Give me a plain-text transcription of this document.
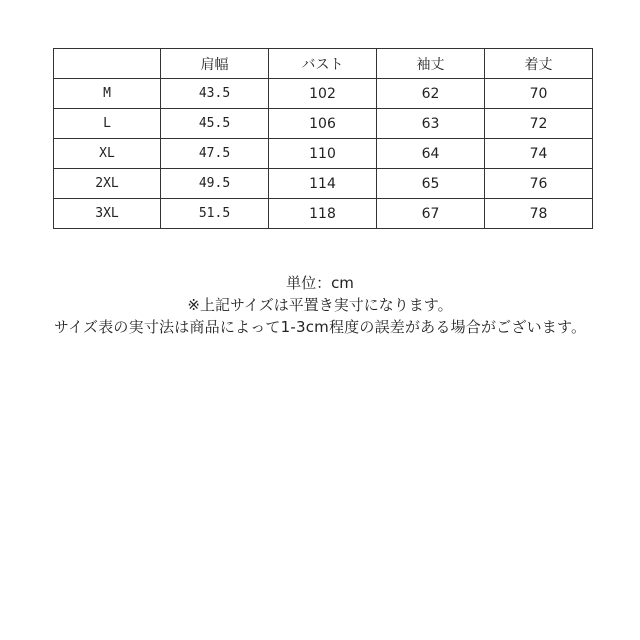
	肩幅	バスト	袖丈	着丈
M	43.5	102	62	70
L	45.5	106	63	72
XL	47.5	110	64	74
2XL	49.5	114	65	76
3XL	51.5	118	67	78

単位：cm

※上記サイズは平置き実寸になります。

サイズ表の実寸法は商品によって1-3cm程度の誤差がある場合がございます。
